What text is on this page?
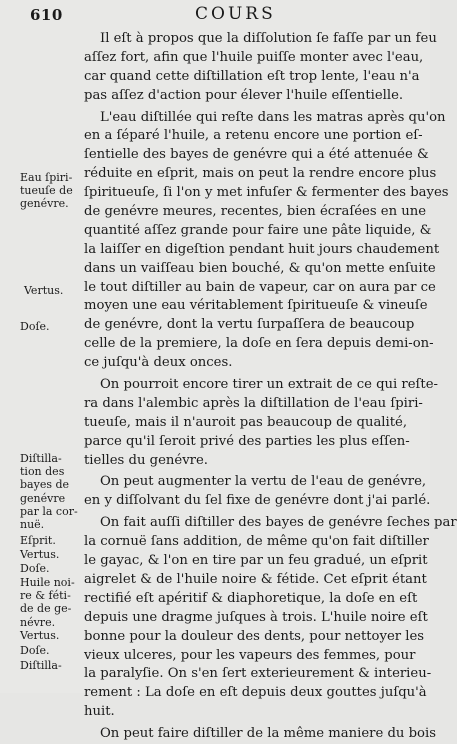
610	COURS
Il eſt à propos que la diſſolution ſe faſſe par un feu
aſſez fort, afin que l'huile puiſſe monter avec l'eau,
car quand cette diſtillation eſt trop lente, l'eau n'a
pas aſſez d'action pour élever l'huile eſſentielle.
L'eau diſtillée qui reſte dans les matras après qu'on
en a ſéparé l'huile, a retenu encore une portion eſ-
ſentielle des bayes de genévre qui a été attenuée &
réduite en eſprit, mais on peut la rendre encore plus
ſpiritueuſe, ſi l'on y met infuſer & fermenter des bayes
de genévre meures, recentes, bien écraſées en une
quantité aſſez grande pour faire une pâte liquide, &
la laiſſer en digeſtion pendant huit jours chaudement
dans un vaiſſeau bien bouché, & qu'on mette enſuite
le tout diſtiller au bain de vapeur, car on aura par ce
moyen une eau véritablement ſpiritueuſe & vineuſe
de genévre, dont la vertu ſurpaſſera de beaucoup
celle de la premiere, la doſe en ſera depuis demi-on-
ce juſqu'à deux onces.
On pourroit encore tirer un extrait de ce qui reſte-
ra dans l'alembic après la diſtillation de l'eau ſpiri-
tueuſe, mais il n'auroit pas beaucoup de qualité,
parce qu'il ſeroit privé des parties les plus eſſen-
tielles du genévre.
On peut augmenter la vertu de l'eau de genévre,
en y diſſolvant du ſel fixe de genévre dont j'ai parlé.
On fait auſſi diſtiller des bayes de genévre ſeches par
la cornuë ſans addition, de même qu'on fait diſtiller
le gayac, & l'on en tire par un feu gradué, un eſprit
aigrelet & de l'huile noire & fétide. Cet eſprit étant
rectifié eſt apéritif & diaphoretique, la doſe en eſt
depuis une dragme juſques à trois. L'huile noire eſt
bonne pour la douleur des dents, pour nettoyer les
vieux ulceres, pour les vapeurs des femmes, pour
la paralyſie. On s'en ſert exterieurement & interieu-
rement : La doſe en eſt depuis deux gouttes juſqu'à
huit.
On peut faire diſtiller de la même maniere du bois
Eau ſpiri-
tueuſe de
genévre.
Vertus.
Doſe.
Diſtilla-
tion des
bayes de
genévre
par la cor-
nuë.
Eſprit.
Vertus.
Doſe.
Huile noi-
re & féti-
de de ge-
névre.
Vertus.
Doſe.
Diſtilla-
